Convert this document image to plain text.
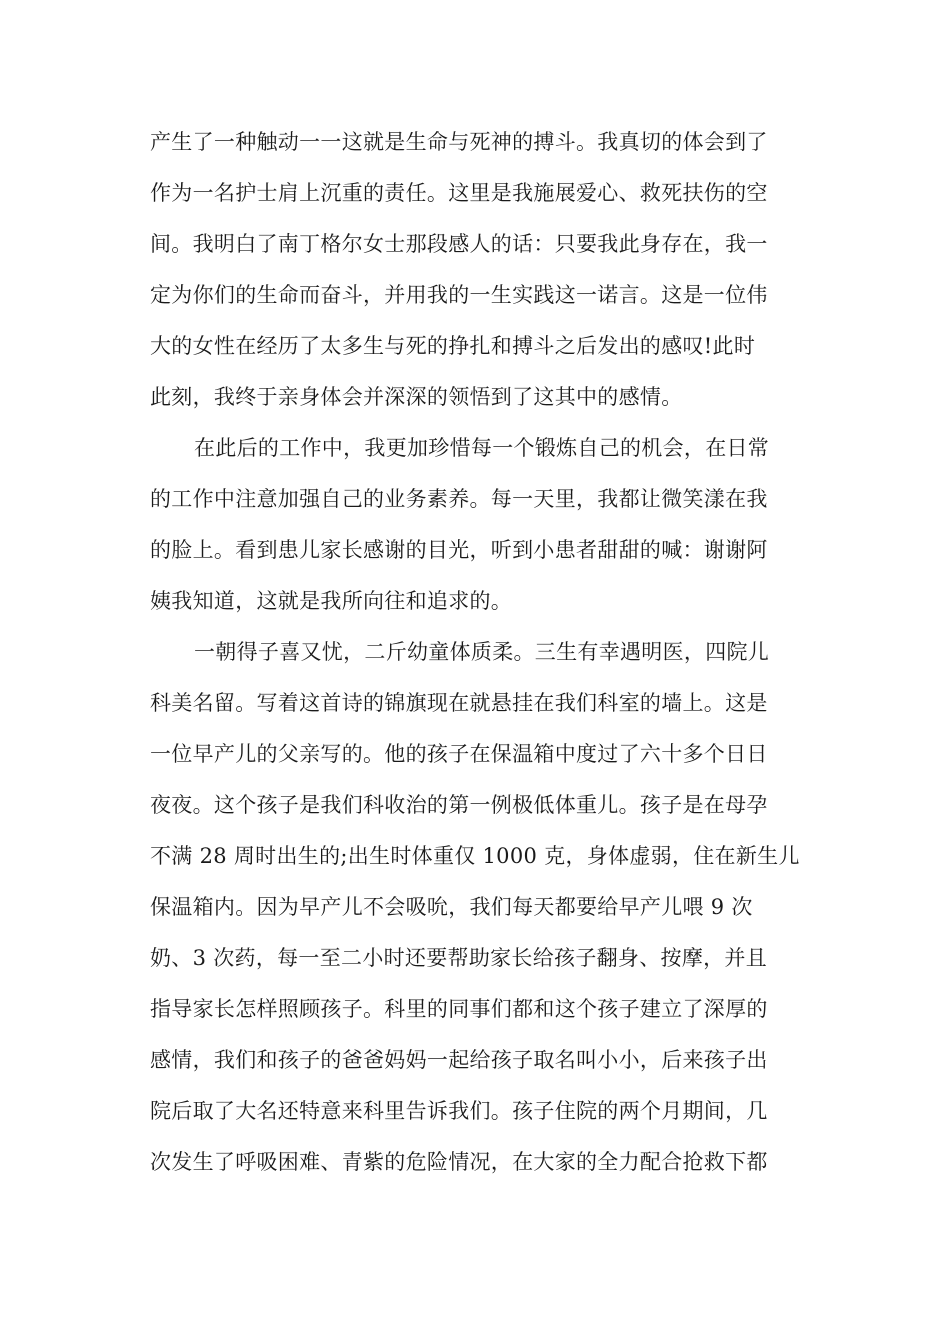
产生了一种触动一一这就是生命与死神的搏斗。我真切的体会到了
作为一名护士肩上沉重的责任。这里是我施展爱心、救死扶伤的空
间。我明白了南丁格尔女士那段感人的话：只要我此身存在，我一
定为你们的生命而奋斗，并用我的一生实践这一诺言。这是一位伟
大的女性在经历了太多生与死的挣扎和搏斗之后发出的感叹!此时
此刻，我终于亲身体会并深深的领悟到了这其中的感情。
在此后的工作中，我更加珍惜每一个锻炼自己的机会，在日常
的工作中注意加强自己的业务素养。每一天里，我都让微笑漾在我
的脸上。看到患儿家长感谢的目光，听到小患者甜甜的喊：谢谢阿
姨我知道，这就是我所向往和追求的。
一朝得子喜又忧，二斤幼童体质柔。三生有幸遇明医，四院儿
科美名留。写着这首诗的锦旗现在就悬挂在我们科室的墙上。这是
一位早产儿的父亲写的。他的孩子在保温箱中度过了六十多个日日
夜夜。这个孩子是我们科收治的第一例极低体重儿。孩子是在母孕
不满 28 周时出生的;出生时体重仅 1000 克，身体虚弱，住在新生儿
保温箱内。因为早产儿不会吸吮，我们每天都要给早产儿喂 9 次
奶、3 次药，每一至二小时还要帮助家长给孩子翻身、按摩，并且
指导家长怎样照顾孩子。科里的同事们都和这个孩子建立了深厚的
感情，我们和孩子的爸爸妈妈一起给孩子取名叫小小，后来孩子出
院后取了大名还特意来科里告诉我们。孩子住院的两个月期间，几
次发生了呼吸困难、青紫的危险情况，在大家的全力配合抢救下都
